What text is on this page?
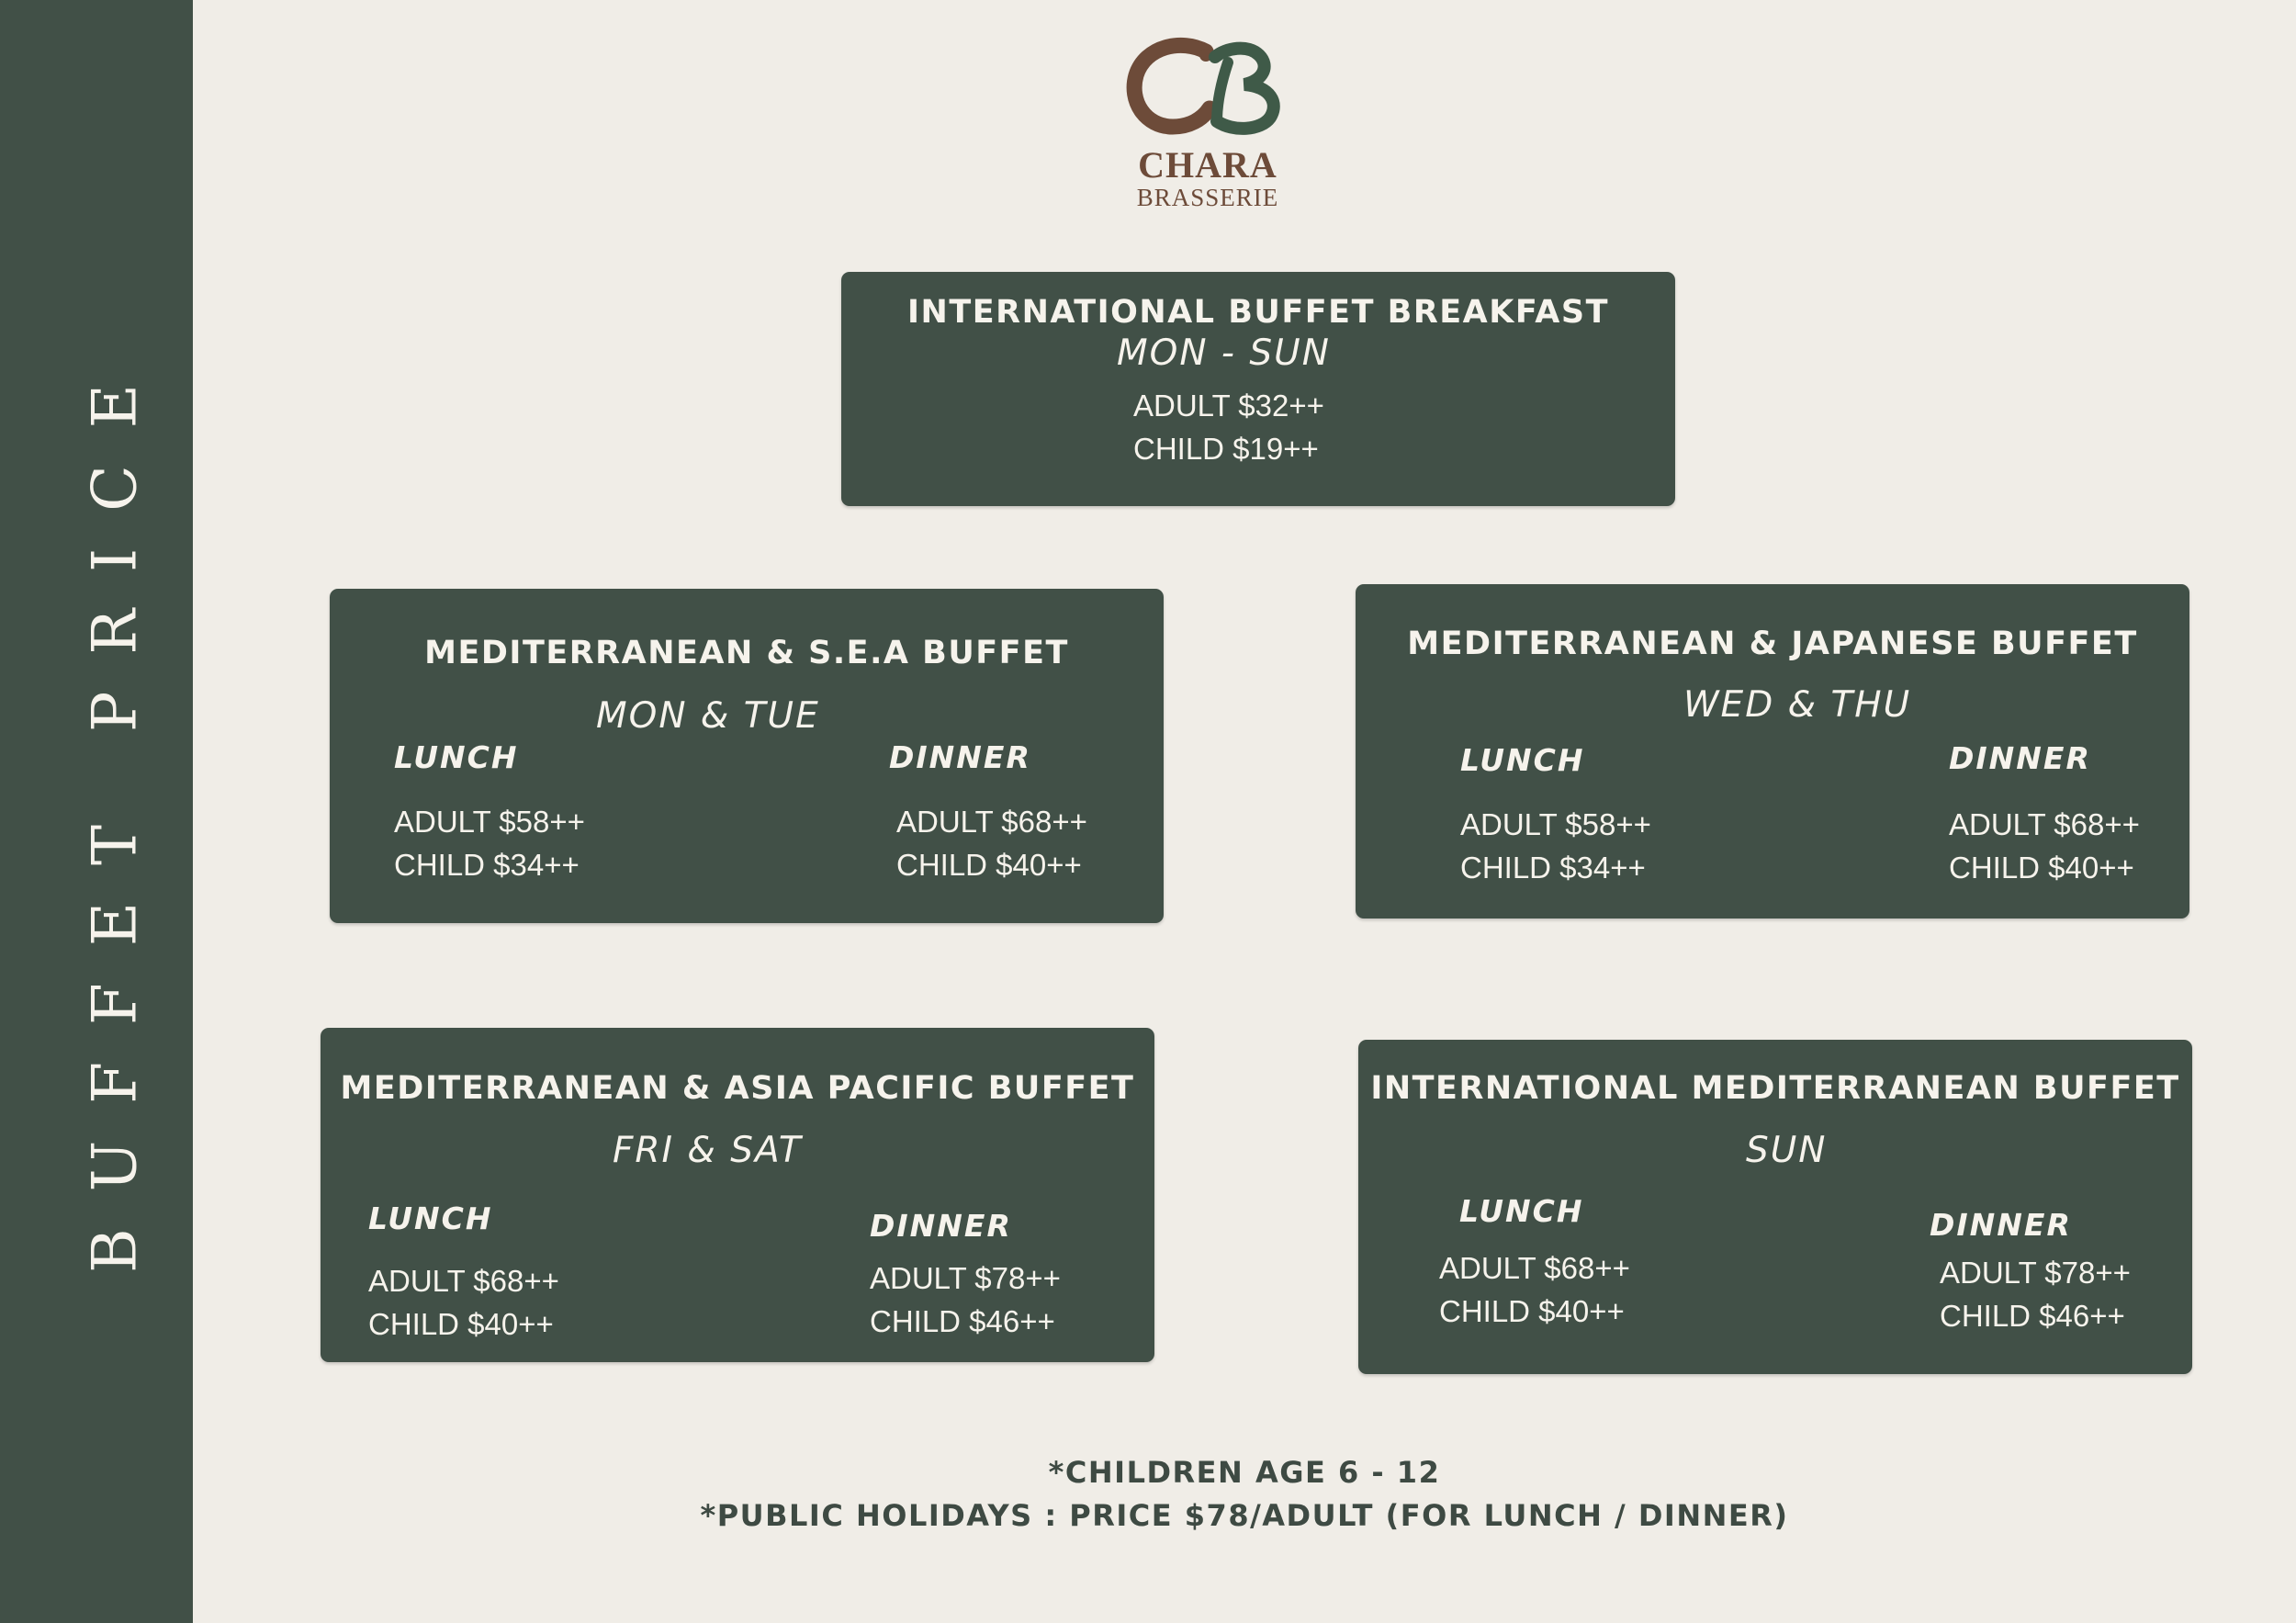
BUFFET PRICE
CHARA
BRASSERIE
INTERNATIONAL BUFFET BREAKFAST
MON - SUN
ADULT $32++
CHILD $19++
MEDITERRANEAN & S.E.A BUFFET
MON & TUE
LUNCH
ADULT $58++
CHILD $34++
DINNER
ADULT $68++
CHILD $40++
MEDITERRANEAN & JAPANESE BUFFET
WED & THU
LUNCH
ADULT $58++
CHILD $34++
DINNER
ADULT $68++
CHILD $40++
MEDITERRANEAN & ASIA PACIFIC BUFFET
FRI & SAT
LUNCH
ADULT $68++
CHILD $40++
DINNER
ADULT $78++
CHILD $46++
INTERNATIONAL MEDITERRANEAN BUFFET
SUN
LUNCH
ADULT $68++
CHILD $40++
DINNER
ADULT $78++
CHILD $46++
*CHILDREN AGE 6 - 12
*PUBLIC HOLIDAYS : PRICE $78/ADULT (FOR LUNCH / DINNER)
